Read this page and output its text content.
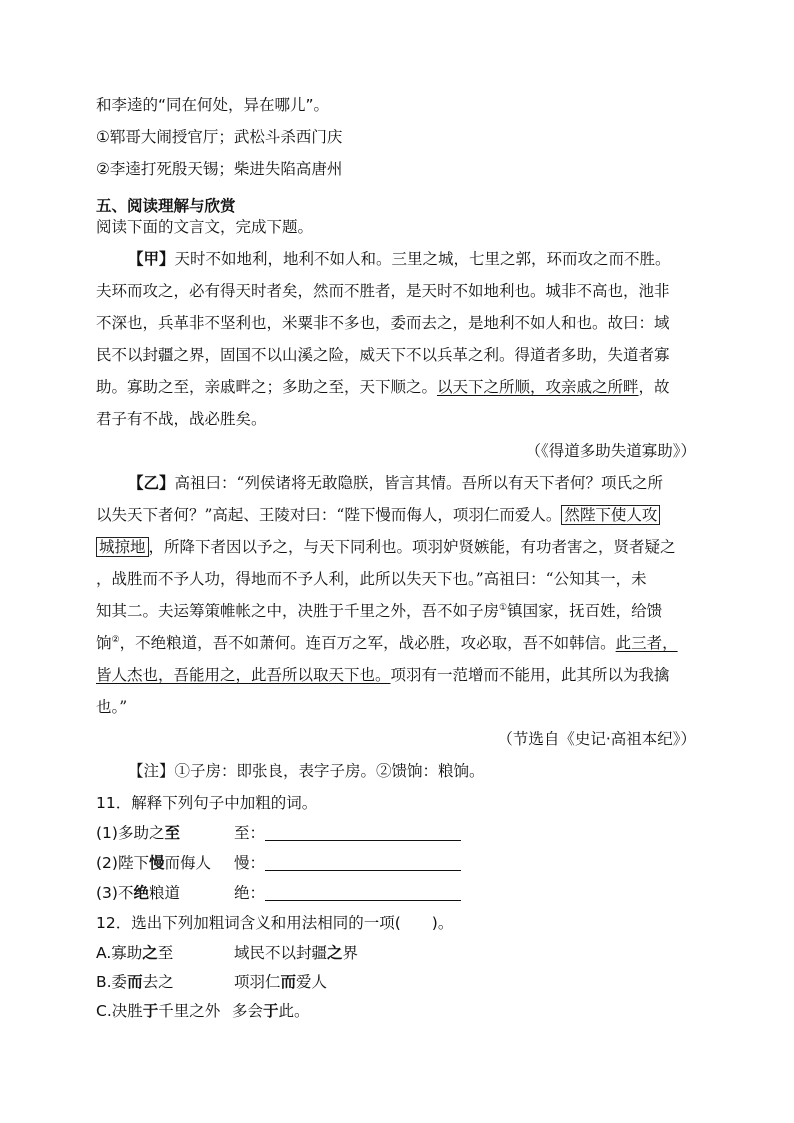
和李逵的“同在何处，异在哪儿”。
①郓哥大闹授官厅；武松斗杀西门庆
②李逵打死殷天锡；柴进失陷高唐州
五、阅读理解与欣赏
阅读下面的文言文，完成下题。
【甲】天时不如地利，地利不如人和。三里之城，七里之郭，环而攻之而不胜。
夫环而攻之，必有得天时者矣，然而不胜者，是天时不如地利也。城非不高也，池非
不深也，兵革非不坚利也，米粟非不多也，委而去之，是地利不如人和也。故曰：域
民不以封疆之界，固国不以山溪之险，威天下不以兵革之利。得道者多助，失道者寡
助。寡助之至，亲戚畔之；多助之至，天下顺之。以天下之所顺，攻亲戚之所畔，故
君子有不战，战必胜矣。
（《得道多助失道寡助》）
【乙】高祖曰：“列侯诸将无敢隐朕，皆言其情。吾所以有天下者何？项氏之所
以失天下者何？”高起、王陵对曰：“陛下慢而侮人，项羽仁而爱人。 然陛下使人攻
城掠地 ，所降下者因以予之，与天下同利也。项羽妒贤嫉能，有功者害之，贤者疑之
，战胜而不予人功，得地而不予人利，此所以失天下也。”高祖曰：“公知其一，未
知其二。夫运筹策帷帐之中，决胜于千里之外，吾不如子房①镇国家，抚百姓，给馈
饷②，不绝粮道，吾不如萧何。连百万之军，战必胜，攻必取，吾不如韩信。此三者，
皆人杰也，吾能用之，此吾所以取天下也。项羽有一范增而不能用，此其所以为我擒
也。”
（节选自《史记·高祖本纪》）
【注】①子房：即张良，表字子房。②馈饷：粮饷。
11．解释下列句子中加粗的词。
(1)多助之至	至：
(2)陛下慢而侮人 慢：
(3)不绝粮道	绝：
12．选出下列加粗词含义和用法相同的一项(　　)。
A.寡助之至	域民不以封疆之界
B.委而去之	项羽仁而爱人
C.决胜于千里之外 多会于此。
